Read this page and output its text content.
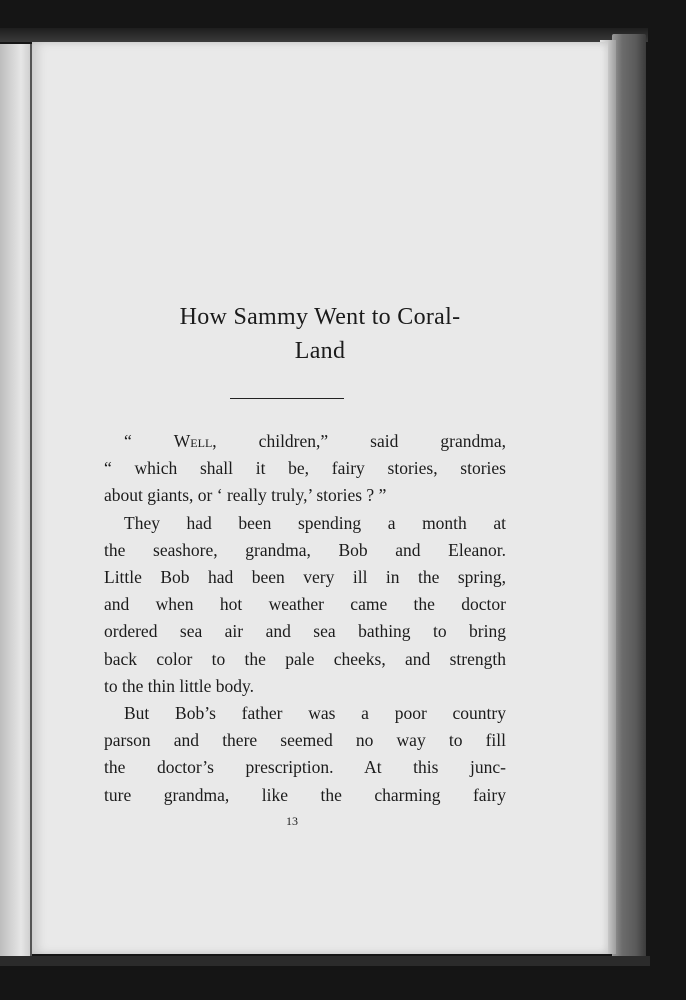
How Sammy Went to Coral-
Land
“ Well, children,” said grandma,
“ which shall it be, fairy stories, stories
about giants, or ‘ really truly,’ stories ? ”
They had been spending a month at
the seashore, grandma, Bob and Eleanor.
Little Bob had been very ill in the spring,
and when hot weather came the doctor
ordered sea air and sea bathing to bring
back color to the pale cheeks, and strength
to the thin little body.
But Bob’s father was a poor country
parson and there seemed no way to fill
the doctor’s prescription. At this junc-
ture grandma, like the charming fairy
13
